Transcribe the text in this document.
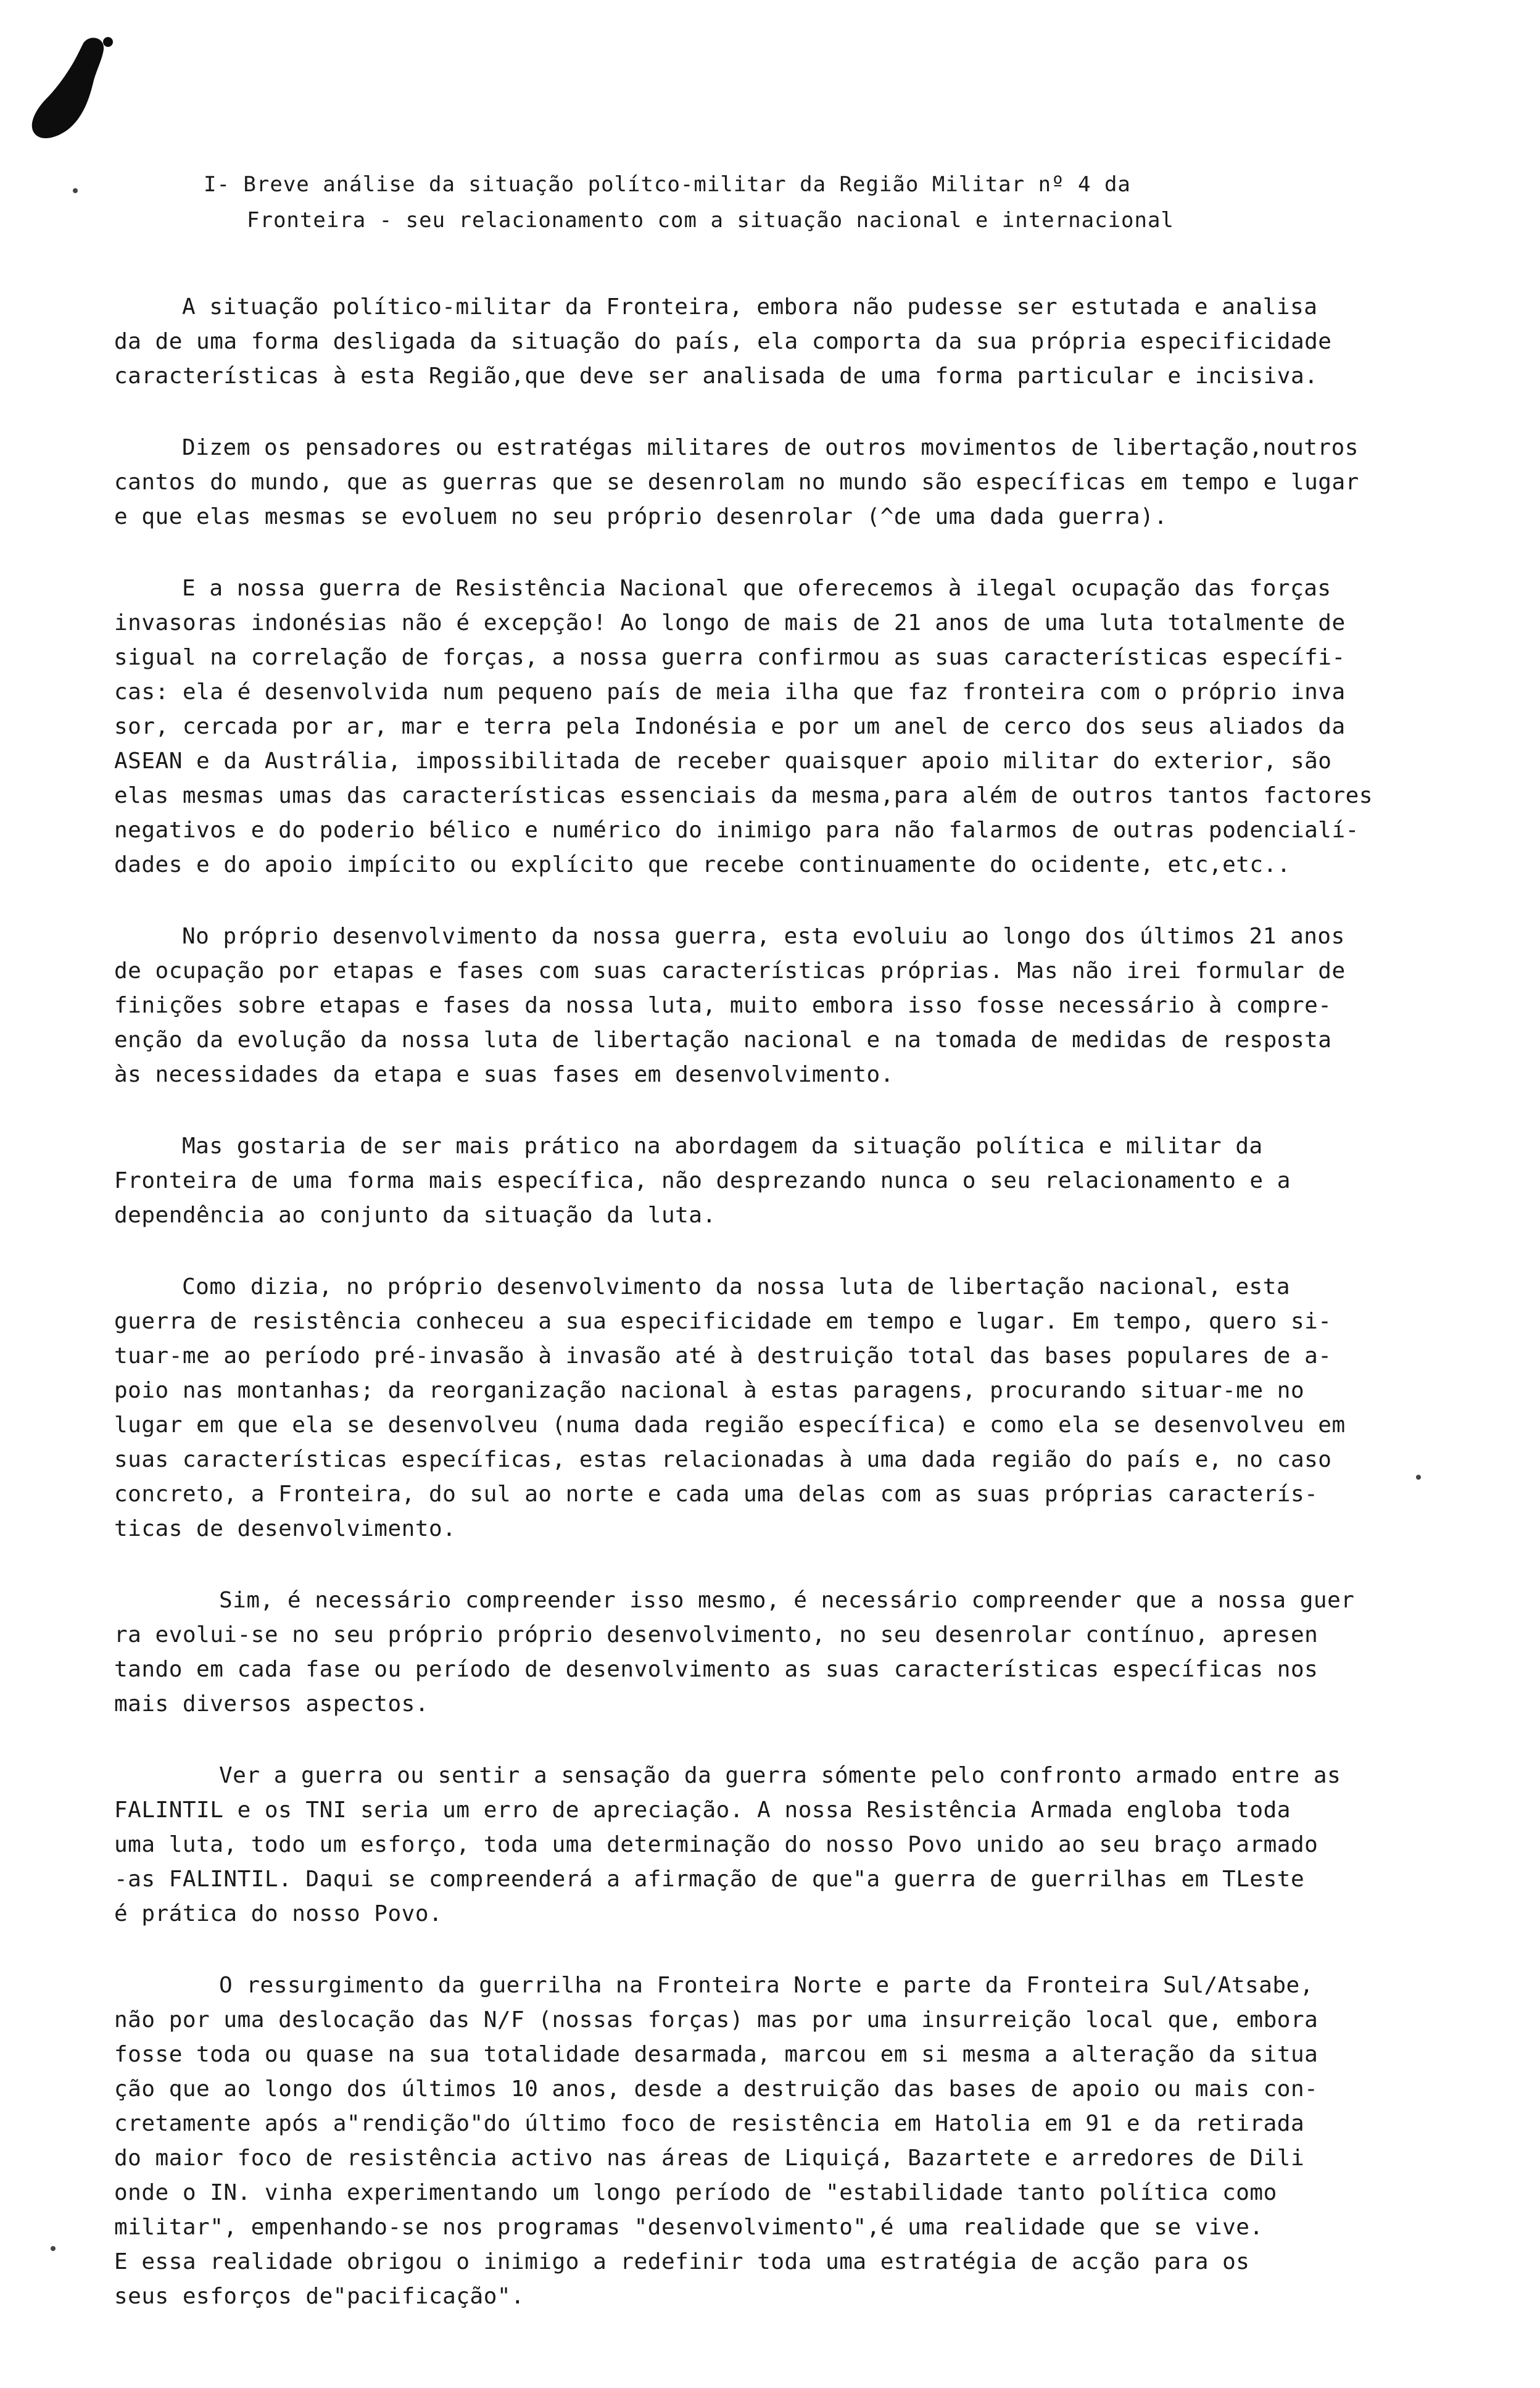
I- Breve análise da situação polítco-militar da Região Militar nº 4 da
Fronteira - seu relacionamento com a situação nacional e internacional
A situação político-militar da Fronteira, embora não pudesse ser estutada e analisa
da de uma forma desligada da situação do país, ela comporta da sua própria especificidade
características à esta Região,que deve ser analisada de uma forma particular e incisiva.
Dizem os pensadores ou estratégas militares de outros movimentos de libertação,noutros
cantos do mundo, que as guerras que se desenrolam no mundo são específicas em tempo e lugar
e que elas mesmas se evoluem no seu próprio desenrolar (^de uma dada guerra).
E a nossa guerra de Resistência Nacional que oferecemos à ilegal ocupação das forças
invasoras indonésias não é excepção! Ao longo de mais de 21 anos de uma luta totalmente de
sigual na correlação de forças, a nossa guerra confirmou as suas características específi-
cas: ela é desenvolvida num pequeno país de meia ilha que faz fronteira com o próprio inva
sor, cercada por ar, mar e terra pela Indonésia e por um anel de cerco dos seus aliados da
ASEAN e da Austrália, impossibilitada de receber quaisquer apoio militar do exterior, são
elas mesmas umas das características essenciais da mesma,para além de outros tantos factores
negativos e do poderio bélico e numérico do inimigo para não falarmos de outras podencialí-
dades e do apoio impícito ou explícito que recebe continuamente do ocidente, etc,etc..
No próprio desenvolvimento da nossa guerra, esta evoluiu ao longo dos últimos 21 anos
de ocupação por etapas e fases com suas características próprias. Mas não irei formular de
finições sobre etapas e fases da nossa luta, muito embora isso fosse necessário à compre-
enção da evolução da nossa luta de libertação nacional e na tomada de medidas de resposta
às necessidades da etapa e suas fases em desenvolvimento.
Mas gostaria de ser mais prático na abordagem da situação política e militar da
Fronteira de uma forma mais específica, não desprezando nunca o seu relacionamento e a
dependência ao conjunto da situação da luta.
Como dizia, no próprio desenvolvimento da nossa luta de libertação nacional, esta
guerra de resistência conheceu a sua especificidade em tempo e lugar. Em tempo, quero si-
tuar-me ao período pré-invasão à invasão até à destruição total das bases populares de a-
poio nas montanhas; da reorganização nacional à estas paragens, procurando situar-me no
lugar em que ela se desenvolveu (numa dada região específica) e como ela se desenvolveu em
suas características específicas, estas relacionadas à uma dada região do país e, no caso
concreto, a Fronteira, do sul ao norte e cada uma delas com as suas próprias caracterís-
ticas de desenvolvimento.
Sim, é necessário compreender isso mesmo, é necessário compreender que a nossa guer
ra evolui-se no seu próprio próprio desenvolvimento, no seu desenrolar contínuo, apresen
tando em cada fase ou período de desenvolvimento as suas características específicas nos
mais diversos aspectos.
Ver a guerra ou sentir a sensação da guerra sómente pelo confronto armado entre as
FALINTIL e os TNI seria um erro de apreciação. A nossa Resistência Armada engloba toda
uma luta, todo um esforço, toda uma determinação do nosso Povo unido ao seu braço armado
-as FALINTIL. Daqui se compreenderá a afirmação de que"a guerra de guerrilhas em TLeste
é prática do nosso Povo.
O ressurgimento da guerrilha na Fronteira Norte e parte da Fronteira Sul/Atsabe,
não por uma deslocação das N/F (nossas forças) mas por uma insurreição local que, embora
fosse toda ou quase na sua totalidade desarmada, marcou em si mesma a alteração da situa
ção que ao longo dos últimos 10 anos, desde a destruição das bases de apoio ou mais con-
cretamente após a"rendição"do último foco de resistência em Hatolia em 91 e da retirada
do maior foco de resistência activo nas áreas de Liquiçá, Bazartete e arredores de Dili
onde o IN. vinha experimentando um longo período de "estabilidade tanto política como
militar", empenhando-se nos programas "desenvolvimento",é uma realidade que se vive.
E essa realidade obrigou o inimigo a redefinir toda uma estratégia de acção para os
seus esforços de"pacificação".
